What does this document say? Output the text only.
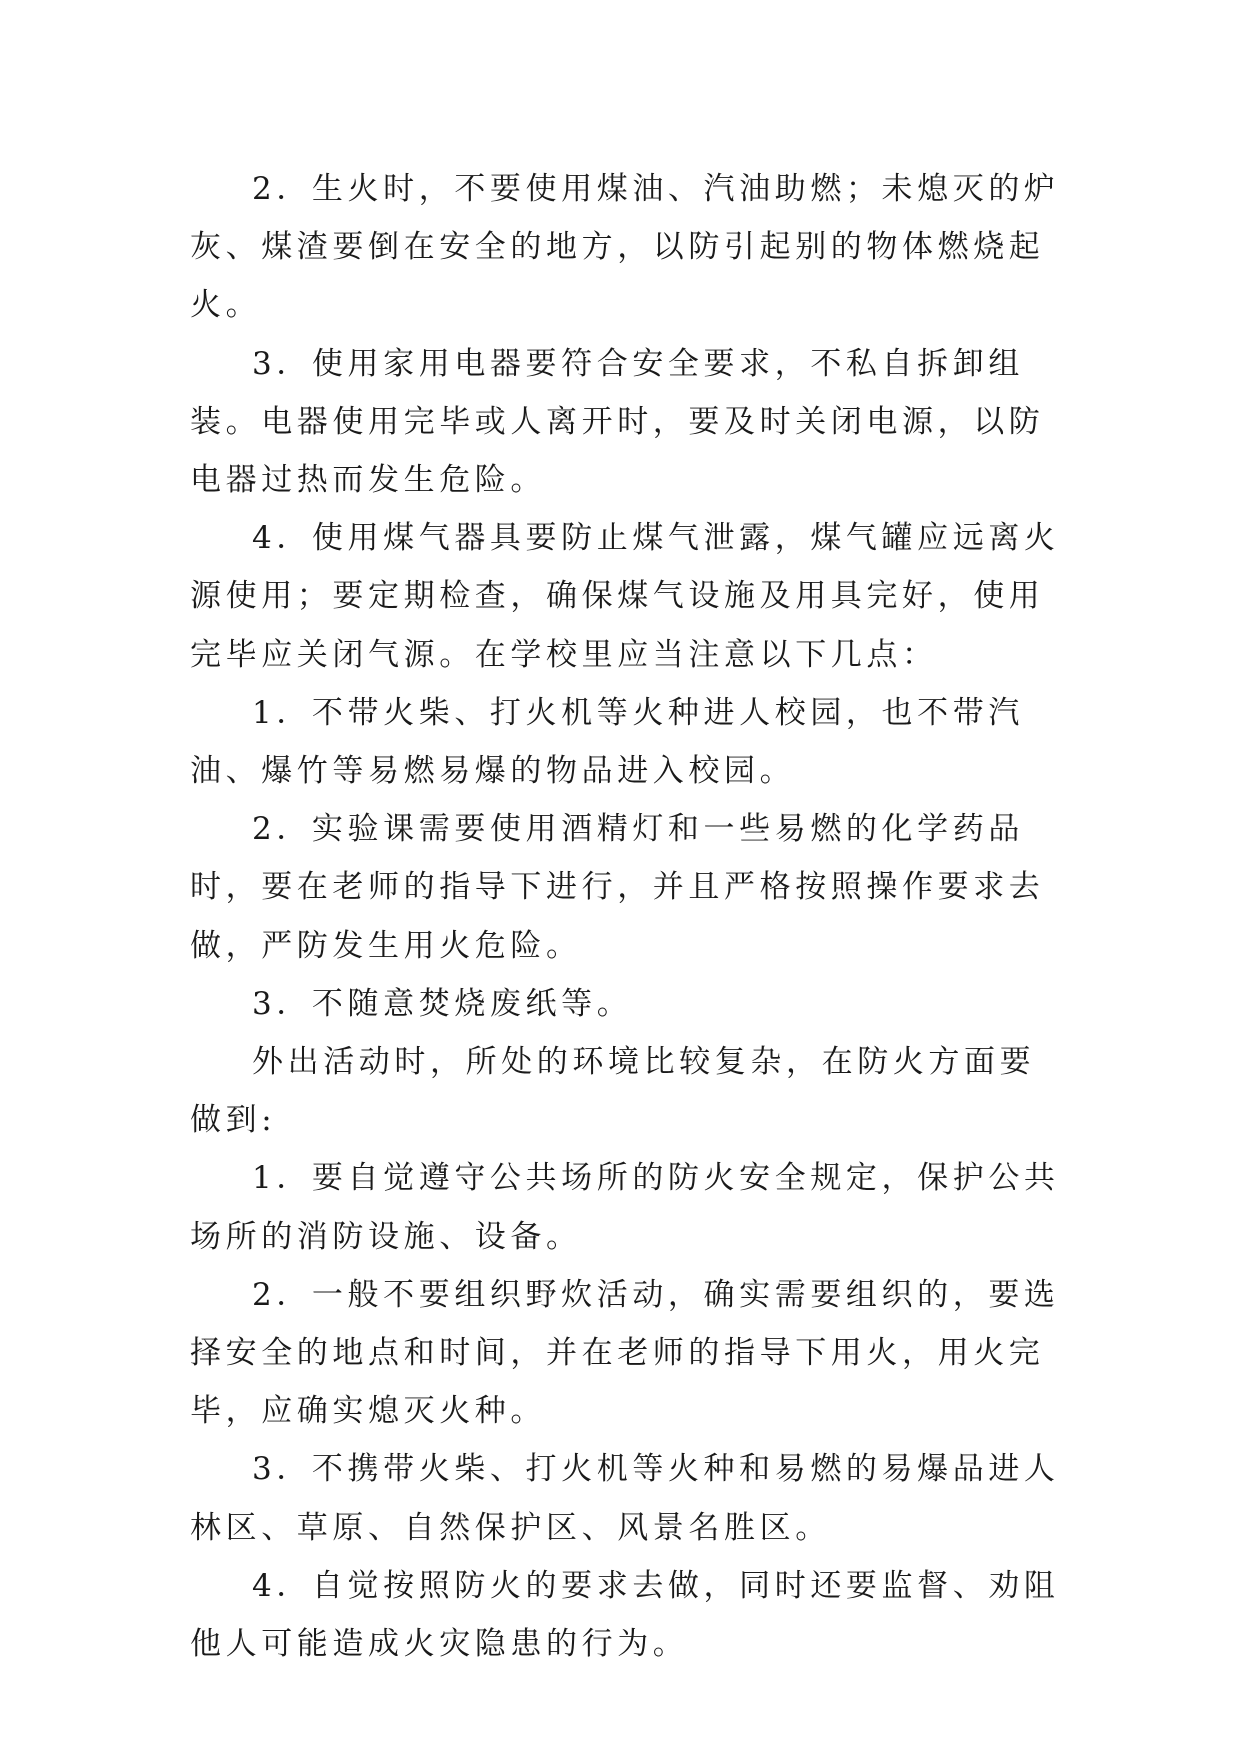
2．生火时，不要使用煤油、汽油助燃；未熄灭的炉灰、煤渣要倒在安全的地方，以防引起别的物体燃烧起火。

3．使用家用电器要符合安全要求，不私自拆卸组装。电器使用完毕或人离开时，要及时关闭电源，以防电器过热而发生危险。

4．使用煤气器具要防止煤气泄露，煤气罐应远离火源使用；要定期检查，确保煤气设施及用具完好，使用完毕应关闭气源。在学校里应当注意以下几点：

1．不带火柴、打火机等火种进人校园，也不带汽油、爆竹等易燃易爆的物品进入校园。

2．实验课需要使用酒精灯和一些易燃的化学药品时，要在老师的指导下进行，并且严格按照操作要求去做，严防发生用火危险。

3．不随意焚烧废纸等。

外出活动时，所处的环境比较复杂，在防火方面要做到:

1．要自觉遵守公共场所的防火安全规定，保护公共场所的消防设施、设备。

2．一般不要组织野炊活动，确实需要组织的，要选择安全的地点和时间，并在老师的指导下用火，用火完毕，应确实熄灭火种。

3．不携带火柴、打火机等火种和易燃的易爆品进人林区、草原、自然保护区、风景名胜区。

4．自觉按照防火的要求去做，同时还要监督、劝阻他人可能造成火灾隐患的行为。
